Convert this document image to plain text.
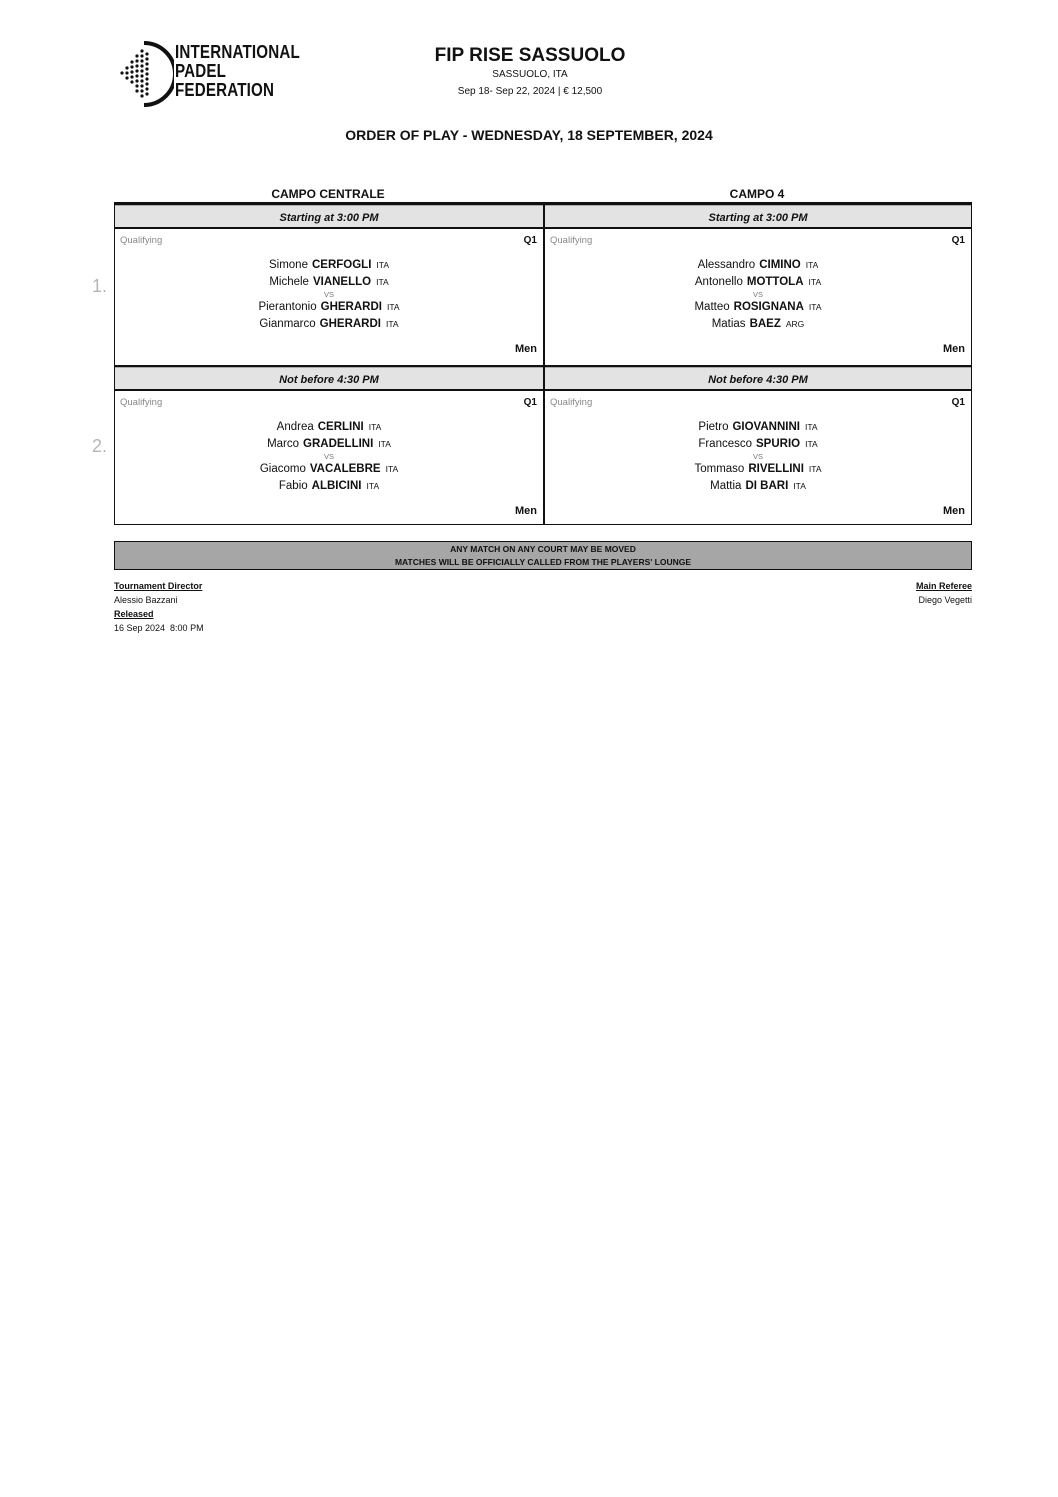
INTERNATIONAL
PADEL
FEDERATION
FIP RISE SASSUOLO
SASSUOLO, ITA
Sep 18- Sep 22, 2024 | € 12,500
ORDER OF PLAY - WEDNESDAY, 18 SEPTEMBER, 2024
CAMPO CENTRALE	CAMPO 4
1.
2.
Starting at 3:00 PM
Qualifying	Q1
Simone CERFOGLI ITA
Michele VIANELLO ITA
VS
Pierantonio GHERARDI ITA
Gianmarco GHERARDI ITA
Men
Starting at 3:00 PM
Qualifying	Q1
Alessandro CIMINO ITA
Antonello MOTTOLA ITA
VS
Matteo ROSIGNANA ITA
Matias BAEZ ARG
Men
Not before 4:30 PM
Qualifying	Q1
Andrea CERLINI ITA
Marco GRADELLINI ITA
VS
Giacomo VACALEBRE ITA
Fabio ALBICINI ITA
Men
Not before 4:30 PM
Qualifying	Q1
Pietro GIOVANNINI ITA
Francesco SPURIO ITA
VS
Tommaso RIVELLINI ITA
Mattia DI BARI ITA
Men
ANY MATCH ON ANY COURT MAY BE MOVED
MATCHES WILL BE OFFICIALLY CALLED FROM THE PLAYERS' LOUNGE
Tournament Director
Alessio Bazzani
Released
16 Sep 2024  8:00 PM
Main Referee
Diego Vegetti
